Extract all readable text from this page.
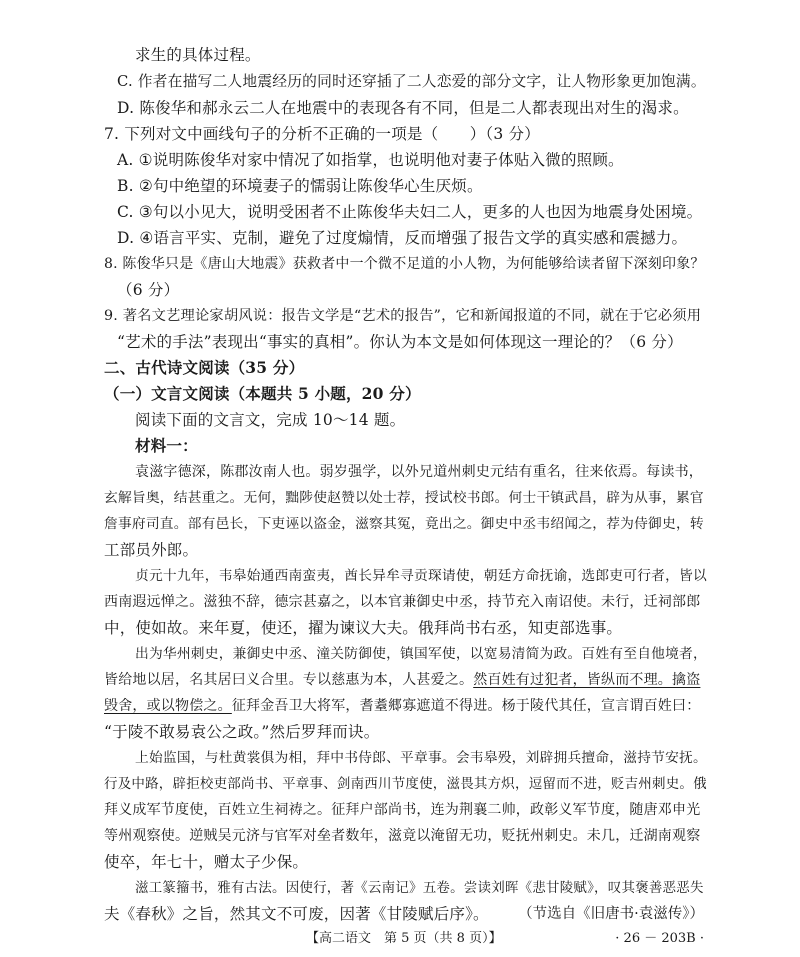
求生的具体过程。
C. 作者在描写二人地震经历的同时还穿插了二人恋爱的部分文字，让人物形象更加饱满。
D. 陈俊华和郝永云二人在地震中的表现各有不同，但是二人都表现出对生的渴求。
7. 下列对文中画线句子的分析不正确的一项是（　　）（3 分）
A. ①说明陈俊华对家中情况了如指掌，也说明他对妻子体贴入微的照顾。
B. ②句中绝望的环境妻子的懦弱让陈俊华心生厌烦。
C. ③句以小见大，说明受困者不止陈俊华夫妇二人，更多的人也因为地震身处困境。
D. ④语言平实、克制，避免了过度煽情，反而增强了报告文学的真实感和震撼力。
8. 陈俊华只是《唐山大地震》获救者中一个微不足道的小人物，为何能够给读者留下深刻印象？
（6 分）
9. 著名文艺理论家胡风说：报告文学是“艺术的报告”，它和新闻报道的不同，就在于它必须用
“艺术的手法”表现出“事实的真相”。你认为本文是如何体现这一理论的？（6 分）
二、古代诗文阅读（35 分）
（一）文言文阅读（本题共 5 小题，20 分）
阅读下面的文言文，完成 10～14 题。
材料一：
袁滋字德深，陈郡汝南人也。弱岁强学，以外兄道州刺史元结有重名，往来依焉。每读书，
玄解旨奥，结甚重之。无何，黜陟使赵赞以处士荐，授试校书郎。何士干镇武昌，辟为从事，累官
詹事府司直。部有邑长，下吏诬以盗金，滋察其冤，竟出之。御史中丞韦绍闻之，荐为侍御史，转
工部员外郎。
贞元十九年，韦皋始通西南蛮夷，酋长异牟寻贡琛请使，朝廷方命抚谕，选郎吏可行者，皆以
西南遐远惮之。滋独不辞，德宗甚嘉之，以本官兼御史中丞，持节充入南诏使。未行，迁祠部郎
中，使如故。来年夏，使还，擢为谏议大夫。俄拜尚书右丞，知吏部选事。
出为华州刺史，兼御史中丞、潼关防御使，镇国军使，以宽易清简为政。百姓有至自他境者，
皆给地以居，名其居曰义合里。专以慈惠为本，人甚爱之。然百姓有过犯者，皆纵而不理。擒盗
毁舍，或以物偿之。征拜金吾卫大将军，耆耋郷寡遮道不得进。杨于陵代其任，宣言谓百姓曰：
“于陵不敢易袁公之政。”然后罗拜而诀。
上始监国，与杜黄裳俱为相，拜中书侍郎、平章事。会韦皋殁，刘辟拥兵擅命，滋持节安抚。
行及中路，辟拒校吏部尚书、平章事、剑南西川节度使，滋畏其方炽，逗留而不进，贬吉州刺史。俄
拜义成军节度使，百姓立生祠祷之。征拜户部尚书，连为荆襄二帅，政彰义军节度，随唐邓申光
等州观察使。逆贼吴元济与官军对垒者数年，滋竟以淹留无功，贬抚州刺史。未几，迁湖南观察
使卒，年七十，赠太子少保。
滋工篆籀书，雅有古法。因使行，著《云南记》五卷。尝读刘晖《悲甘陵赋》，叹其褒善恶恶失
夫《春秋》之旨，然其文不可废，因著《甘陵赋后序》。 （节选自《旧唐书·袁滋传》）
【高二语文　第 5 页（共 8 页）】	· 26 － 203B ·
